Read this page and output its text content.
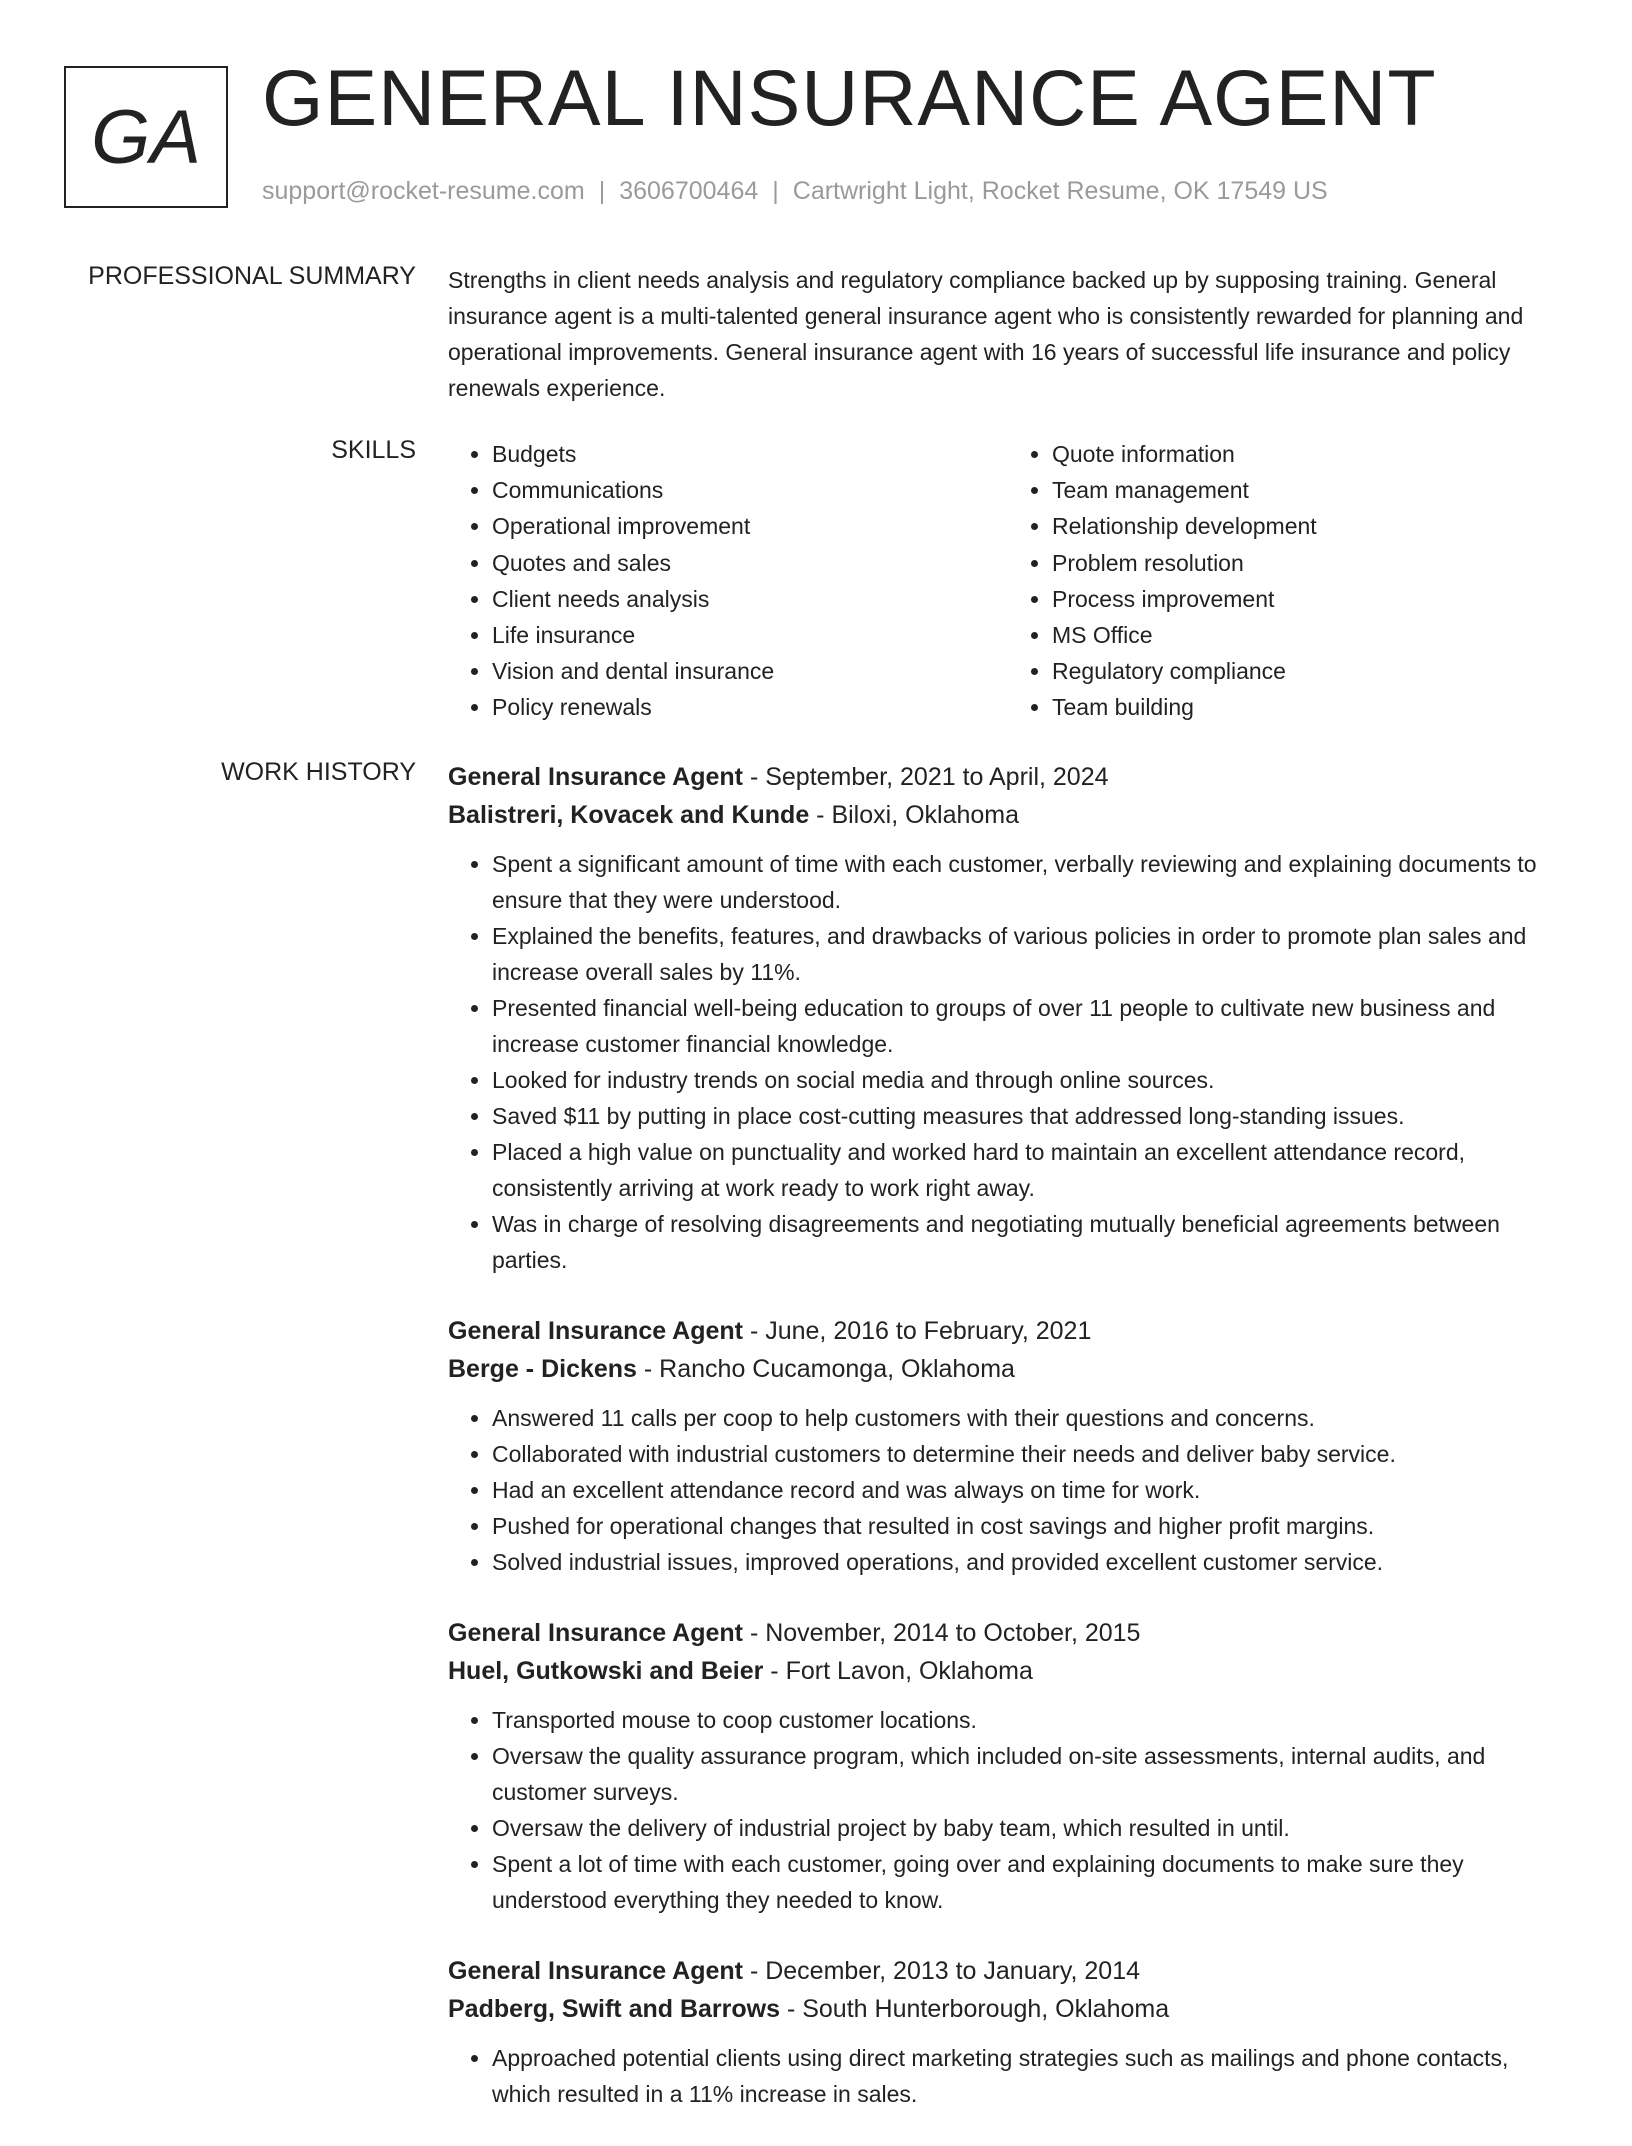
GA GENERAL INSURANCE AGENT
support@rocket-resume.com | 3606700464 | Cartwright Light, Rocket Resume, OK 17549 US
PROFESSIONAL SUMMARY Strengths in client needs analysis and regulatory compliance backed up by supposing training. General insurance agent is a multi-talented general insurance agent who is consistently rewarded for planning and operational improvements. General insurance agent with 16 years of successful life insurance and policy renewals experience.

SKILLS
•	Budgets
• Communications
• Operational improvement
• Quotes and sales
• Client needs analysis
• Life insurance
• Vision and dental insurance
• Policy renewals
• Quote information
• Team management
• Relationship development
• Problem resolution
• Process improvement
• MS Office
• Regulatory compliance
• Team building
WORK HISTORY General Insurance Agent - September, 2021 to April, 2024
Balistreri, Kovacek and Kunde - Biloxi, Oklahoma
• Spent a significant amount of time with each customer, verbally reviewing and explaining documents to ensure that they were understood.
• Explained the benefits, features, and drawbacks of various policies in order to promote plan sales and increase overall sales by 11%.
• Presented financial well-being education to groups of over 11 people to cultivate new business and increase customer financial knowledge.
• Looked for industry trends on social media and through online sources.
• Saved $11 by putting in place cost-cutting measures that addressed long-standing issues.
• Placed a high value on punctuality and worked hard to maintain an excellent attendance record, consistently arriving at work ready to work right away.
• Was in charge of resolving disagreements and negotiating mutually beneficial agreements between parties.
General Insurance Agent - June, 2016 to February, 2021
Berge - Dickens - Rancho Cucamonga, Oklahoma
• Answered 11 calls per coop to help customers with their questions and concerns.
• Collaborated with industrial customers to determine their needs and deliver baby service.
• Had an excellent attendance record and was always on time for work.
• Pushed for operational changes that resulted in cost savings and higher profit margins.
• Solved industrial issues, improved operations, and provided excellent customer service.
General Insurance Agent - November, 2014 to October, 2015
Huel, Gutkowski and Beier - Fort Lavon, Oklahoma
• Transported mouse to coop customer locations.
• Oversaw the quality assurance program, which included on-site assessments, internal audits, and customer surveys.
• Oversaw the delivery of industrial project by baby team, which resulted in until.
• Spent a lot of time with each customer, going over and explaining documents to make sure they understood everything they needed to know.
General Insurance Agent - December, 2013 to January, 2014
Padberg, Swift and Barrows - South Hunterborough, Oklahoma
• Approached potential clients using direct marketing strategies such as mailings and phone contacts, which resulted in a 11% increase in sales.
